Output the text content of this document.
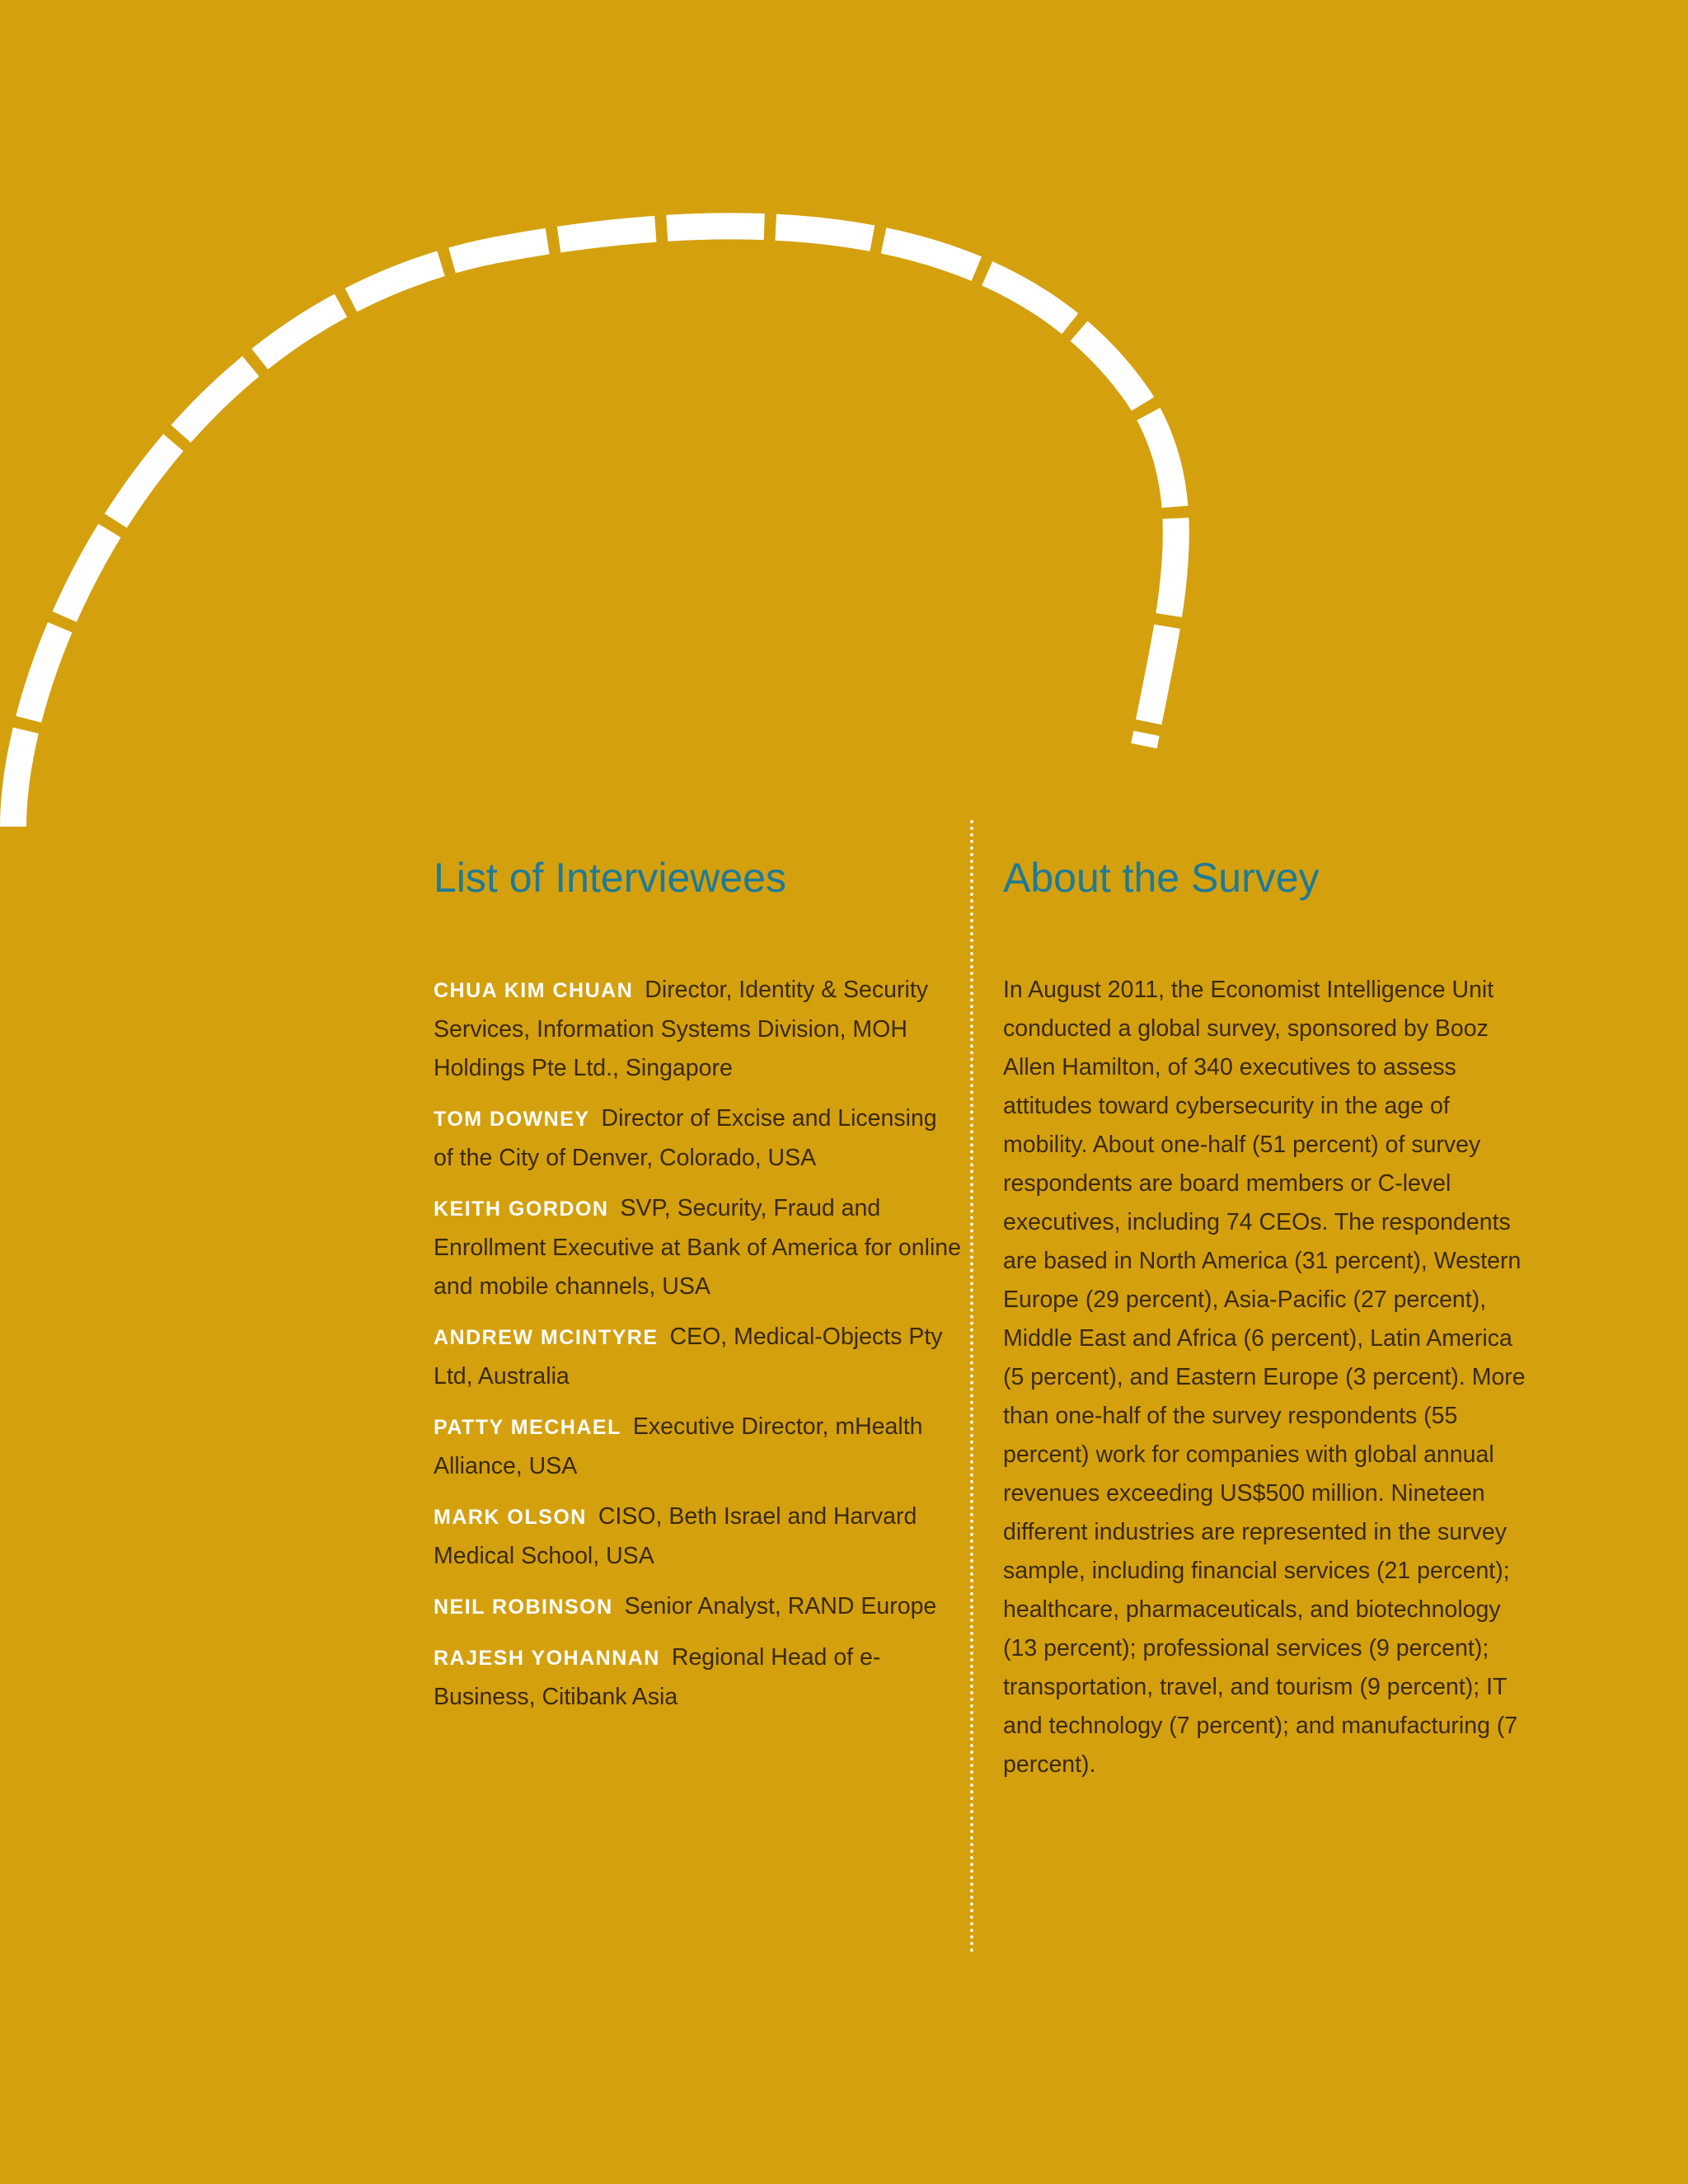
List of Interviewees

CHUA KIM CHUAN Director, Identity & Security Services, Information Systems Division, MOH Holdings Pte Ltd., Singapore

TOM DOWNEY Director of Excise and Licensing of the City of Denver, Colorado, USA

KEITH GORDON SVP, Security, Fraud and Enrollment Executive at Bank of America for online and mobile channels, USA

ANDREW MCINTYRE CEO, Medical-Objects Pty Ltd, Australia

PATTY MECHAEL Executive Director, mHealth Alliance, USA

MARK OLSON CISO, Beth Israel and Harvard Medical School, USA

NEIL ROBINSON Senior Analyst, RAND Europe

RAJESH YOHANNAN Regional Head of e-Business, Citibank Asia

About the Survey

In August 2011, the Economist Intelligence Unit conducted a global survey, sponsored by Booz Allen Hamilton, of 340 executives to assess attitudes toward cybersecurity in the age of mobility. About one-half (51 percent) of survey respondents are board members or C-level executives, including 74 CEOs. The respondents are based in North America (31 percent), Western Europe (29 percent), Asia-Pacific (27 percent), Middle East and Africa (6 percent), Latin America (5 percent), and Eastern Europe (3 percent). More than one-half of the survey respondents (55 percent) work for companies with global annual revenues exceeding US$500 million. Nineteen different industries are represented in the survey sample, including financial services (21 percent); healthcare, pharmaceuticals, and biotechnology (13 percent); professional services (9 percent); transportation, travel, and tourism (9 percent); IT and technology (7 percent); and manufacturing (7 percent).
